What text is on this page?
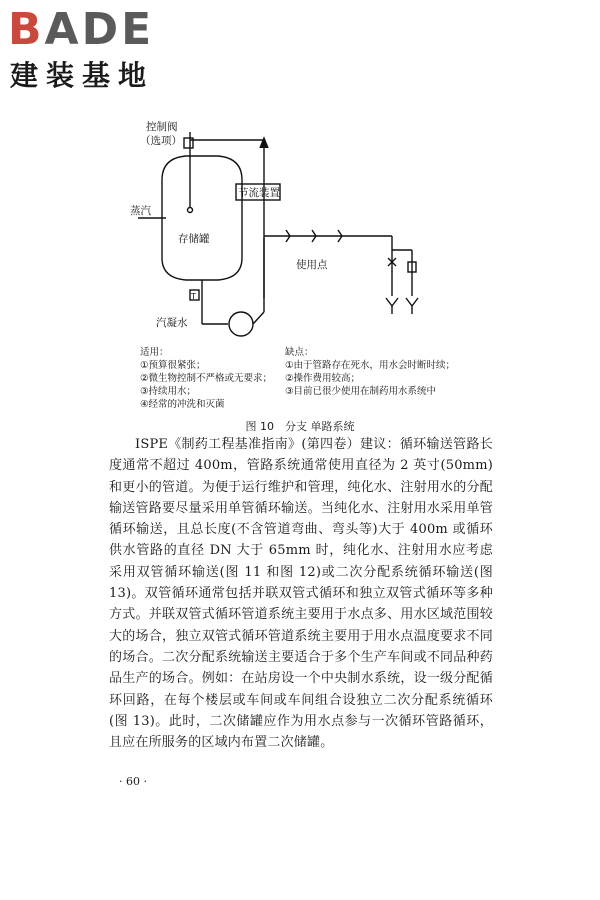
BADE
建装基地
控制阀
（选项）
蒸汽
存储罐
节流装置
使用点
汽凝水
T

适用：

①预算很紧张；

②微生物控制不严格或无要求；

③持续用水；

④经常的冲洗和灭菌

缺点：

①由于管路存在死水，用水会时断时续；

②操作费用较高；

③目前已很少使用在制药用水系统中

图 10　分支 单路系统

ISPE《制药工程基准指南》(第四卷）建议：循环输送管路长度通常不超过 400m，管路系统通常使用直径为 2 英寸(50mm)和更小的管道。为便于运行维护和管理，纯化水、注射用水的分配输送管路要尽量采用单管循环输送。当纯化水、注射用水采用单管循环输送，且总长度(不含管道弯曲、弯头等)大于 400m 或循环供水管路的直径 DN 大于 65mm 时，纯化水、注射用水应考虑采用双管循环输送(图 11 和图 12)或二次分配系统循环输送(图 13)。双管循环通常包括并联双管式循环和独立双管式循环等多种方式。并联双管式循环管道系统主要用于水点多、用水区域范围较大的场合，独立双管式循环管道系统主要用于用水点温度要求不同的场合。二次分配系统输送主要适合于多个生产车间或不同品种药品生产的场合。例如：在站房设一个中央制水系统，设一级分配循环回路，在每个楼层或车间或车间组合设独立二次分配系统循环(图 13)。此时，二次储罐应作为用水点参与一次循环管路循环，且应在所服务的区域内布置二次储罐。

· 60 ·
